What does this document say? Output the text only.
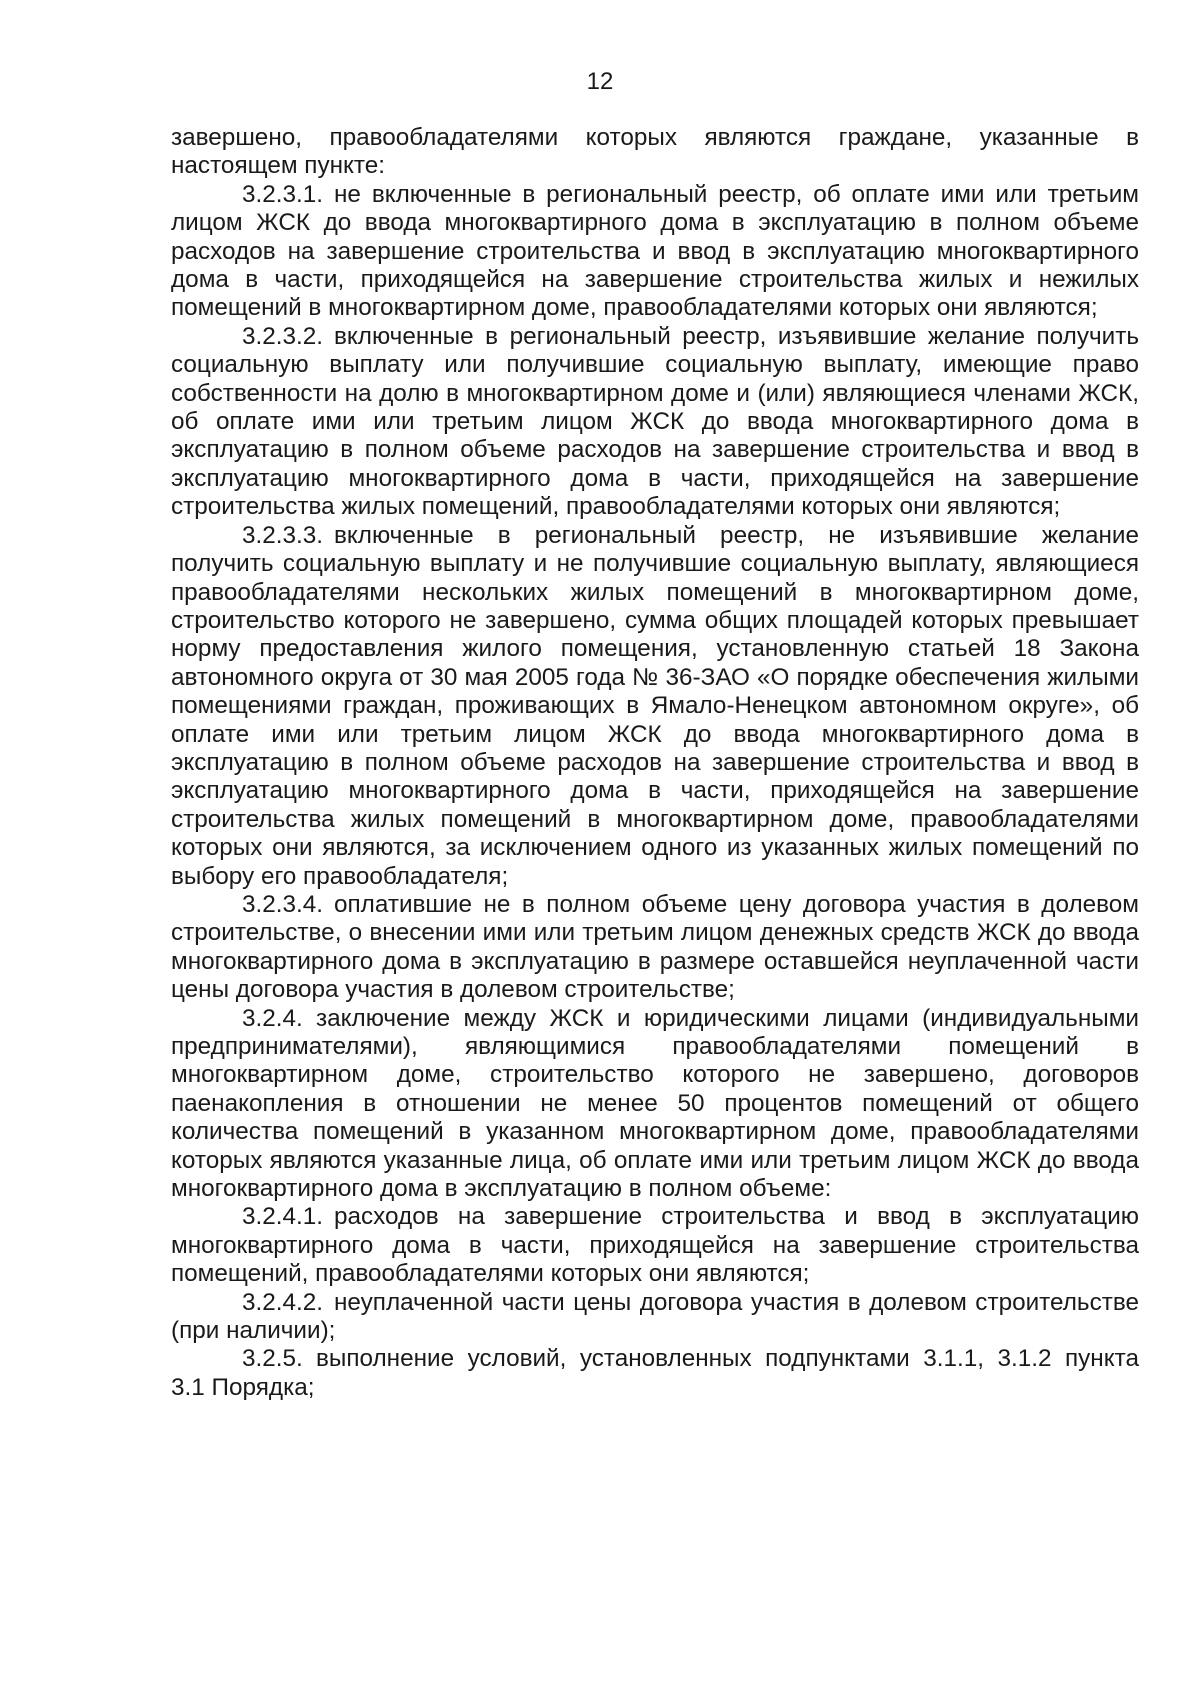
12

завершено, правообладателями которых являются граждане, указанные в настоящем пункте:

3.2.3.1. не включенные в региональный реестр, об оплате ими или третьим лицом ЖСК до ввода многоквартирного дома в эксплуатацию в полном объеме расходов на завершение строительства и ввод в эксплуатацию многоквартирного дома в части, приходящейся на завершение строительства жилых и нежилых помещений в многоквартирном доме, правообладателями которых они являются;

3.2.3.2. включенные в региональный реестр, изъявившие желание получить социальную выплату или получившие социальную выплату, имеющие право собственности на долю в многоквартирном доме и (или) являющиеся членами ЖСК, об оплате ими или третьим лицом ЖСК до ввода многоквартирного дома в эксплуатацию в полном объеме расходов на завершение строительства и ввод в эксплуатацию многоквартирного дома в части, приходящейся на завершение строительства жилых помещений, правообладателями которых они являются;

3.2.3.3. включенные в региональный реестр, не изъявившие желание получить социальную выплату и не получившие социальную выплату, являющиеся правообладателями нескольких жилых помещений в многоквартирном доме, строительство которого не завершено, сумма общих площадей которых превышает норму предоставления жилого помещения, установленную статьей 18 Закона автономного округа от 30 мая 2005 года № 36-ЗАО «О порядке обеспечения жилыми помещениями граждан, проживающих в Ямало-Ненецком автономном округе», об оплате ими или третьим лицом ЖСК до ввода многоквартирного дома в эксплуатацию в полном объеме расходов на завершение строительства и ввод в эксплуатацию многоквартирного дома в части, приходящейся на завершение строительства жилых помещений в многоквартирном доме, правообладателями которых они являются, за исключением одного из указанных жилых помещений по выбору его правообладателя;

3.2.3.4. оплатившие не в полном объеме цену договора участия в долевом строительстве, о внесении ими или третьим лицом денежных средств ЖСК до ввода многоквартирного дома в эксплуатацию в размере оставшейся неуплаченной части цены договора участия в долевом строительстве;

3.2.4. заключение между ЖСК и юридическими лицами (индивидуальными предпринимателями), являющимися правообладателями помещений в многоквартирном доме, строительство которого не завершено, договоров паенакопления в отношении не менее 50 процентов помещений от общего количества помещений в указанном многоквартирном доме, правообладателями которых являются указанные лица, об оплате ими или третьим лицом ЖСК до ввода многоквартирного дома в эксплуатацию в полном объеме:

3.2.4.1. расходов на завершение строительства и ввод в эксплуатацию многоквартирного дома в части, приходящейся на завершение строительства помещений, правообладателями которых они являются;

3.2.4.2. неуплаченной части цены договора участия в долевом строительстве (при наличии);

3.2.5. выполнение условий, установленных подпунктами 3.1.1, 3.1.2 пункта 3.1 Порядка;
